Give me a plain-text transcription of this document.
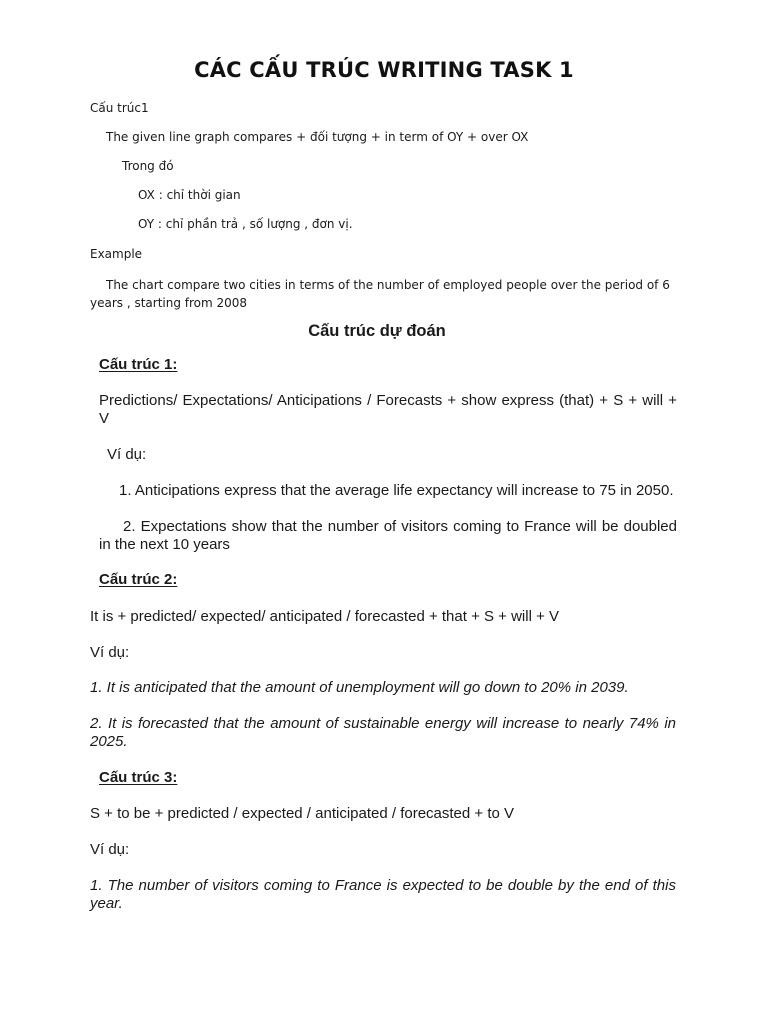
CÁC CẤU TRÚC WRITING TASK 1

Cấu trúc1

The given line graph compares + đối tượng + in term of OY + over OX

Trong đó

OX : chỉ thời gian

OY : chỉ phần trả , số lượng , đơn vị.

Example

The chart compare two cities in terms of the number of employed people over the period of 6 years , starting from 2008

Cấu trúc dự đoán

Cấu trúc 1:

Predictions/ Expectations/ Anticipations / Forecasts + show express (that) + S + will + V

Ví dụ:

1. Anticipations express that the average life expectancy will increase to 75 in 2050.

2. Expectations show that the number of visitors coming to France will be doubled in the next 10 years

Cấu trúc 2:

It is + predicted/ expected/ anticipated / forecasted + that + S + will + V

Ví dụ:

1. It is anticipated that the amount of unemployment will go down to 20% in 2039.

2. It is forecasted that the amount of sustainable energy will increase to nearly 74% in 2025.

Cấu trúc 3:

S + to be + predicted / expected / anticipated / forecasted + to V

Ví dụ:

1. The number of visitors coming to France is expected to be double by the end of this year.
